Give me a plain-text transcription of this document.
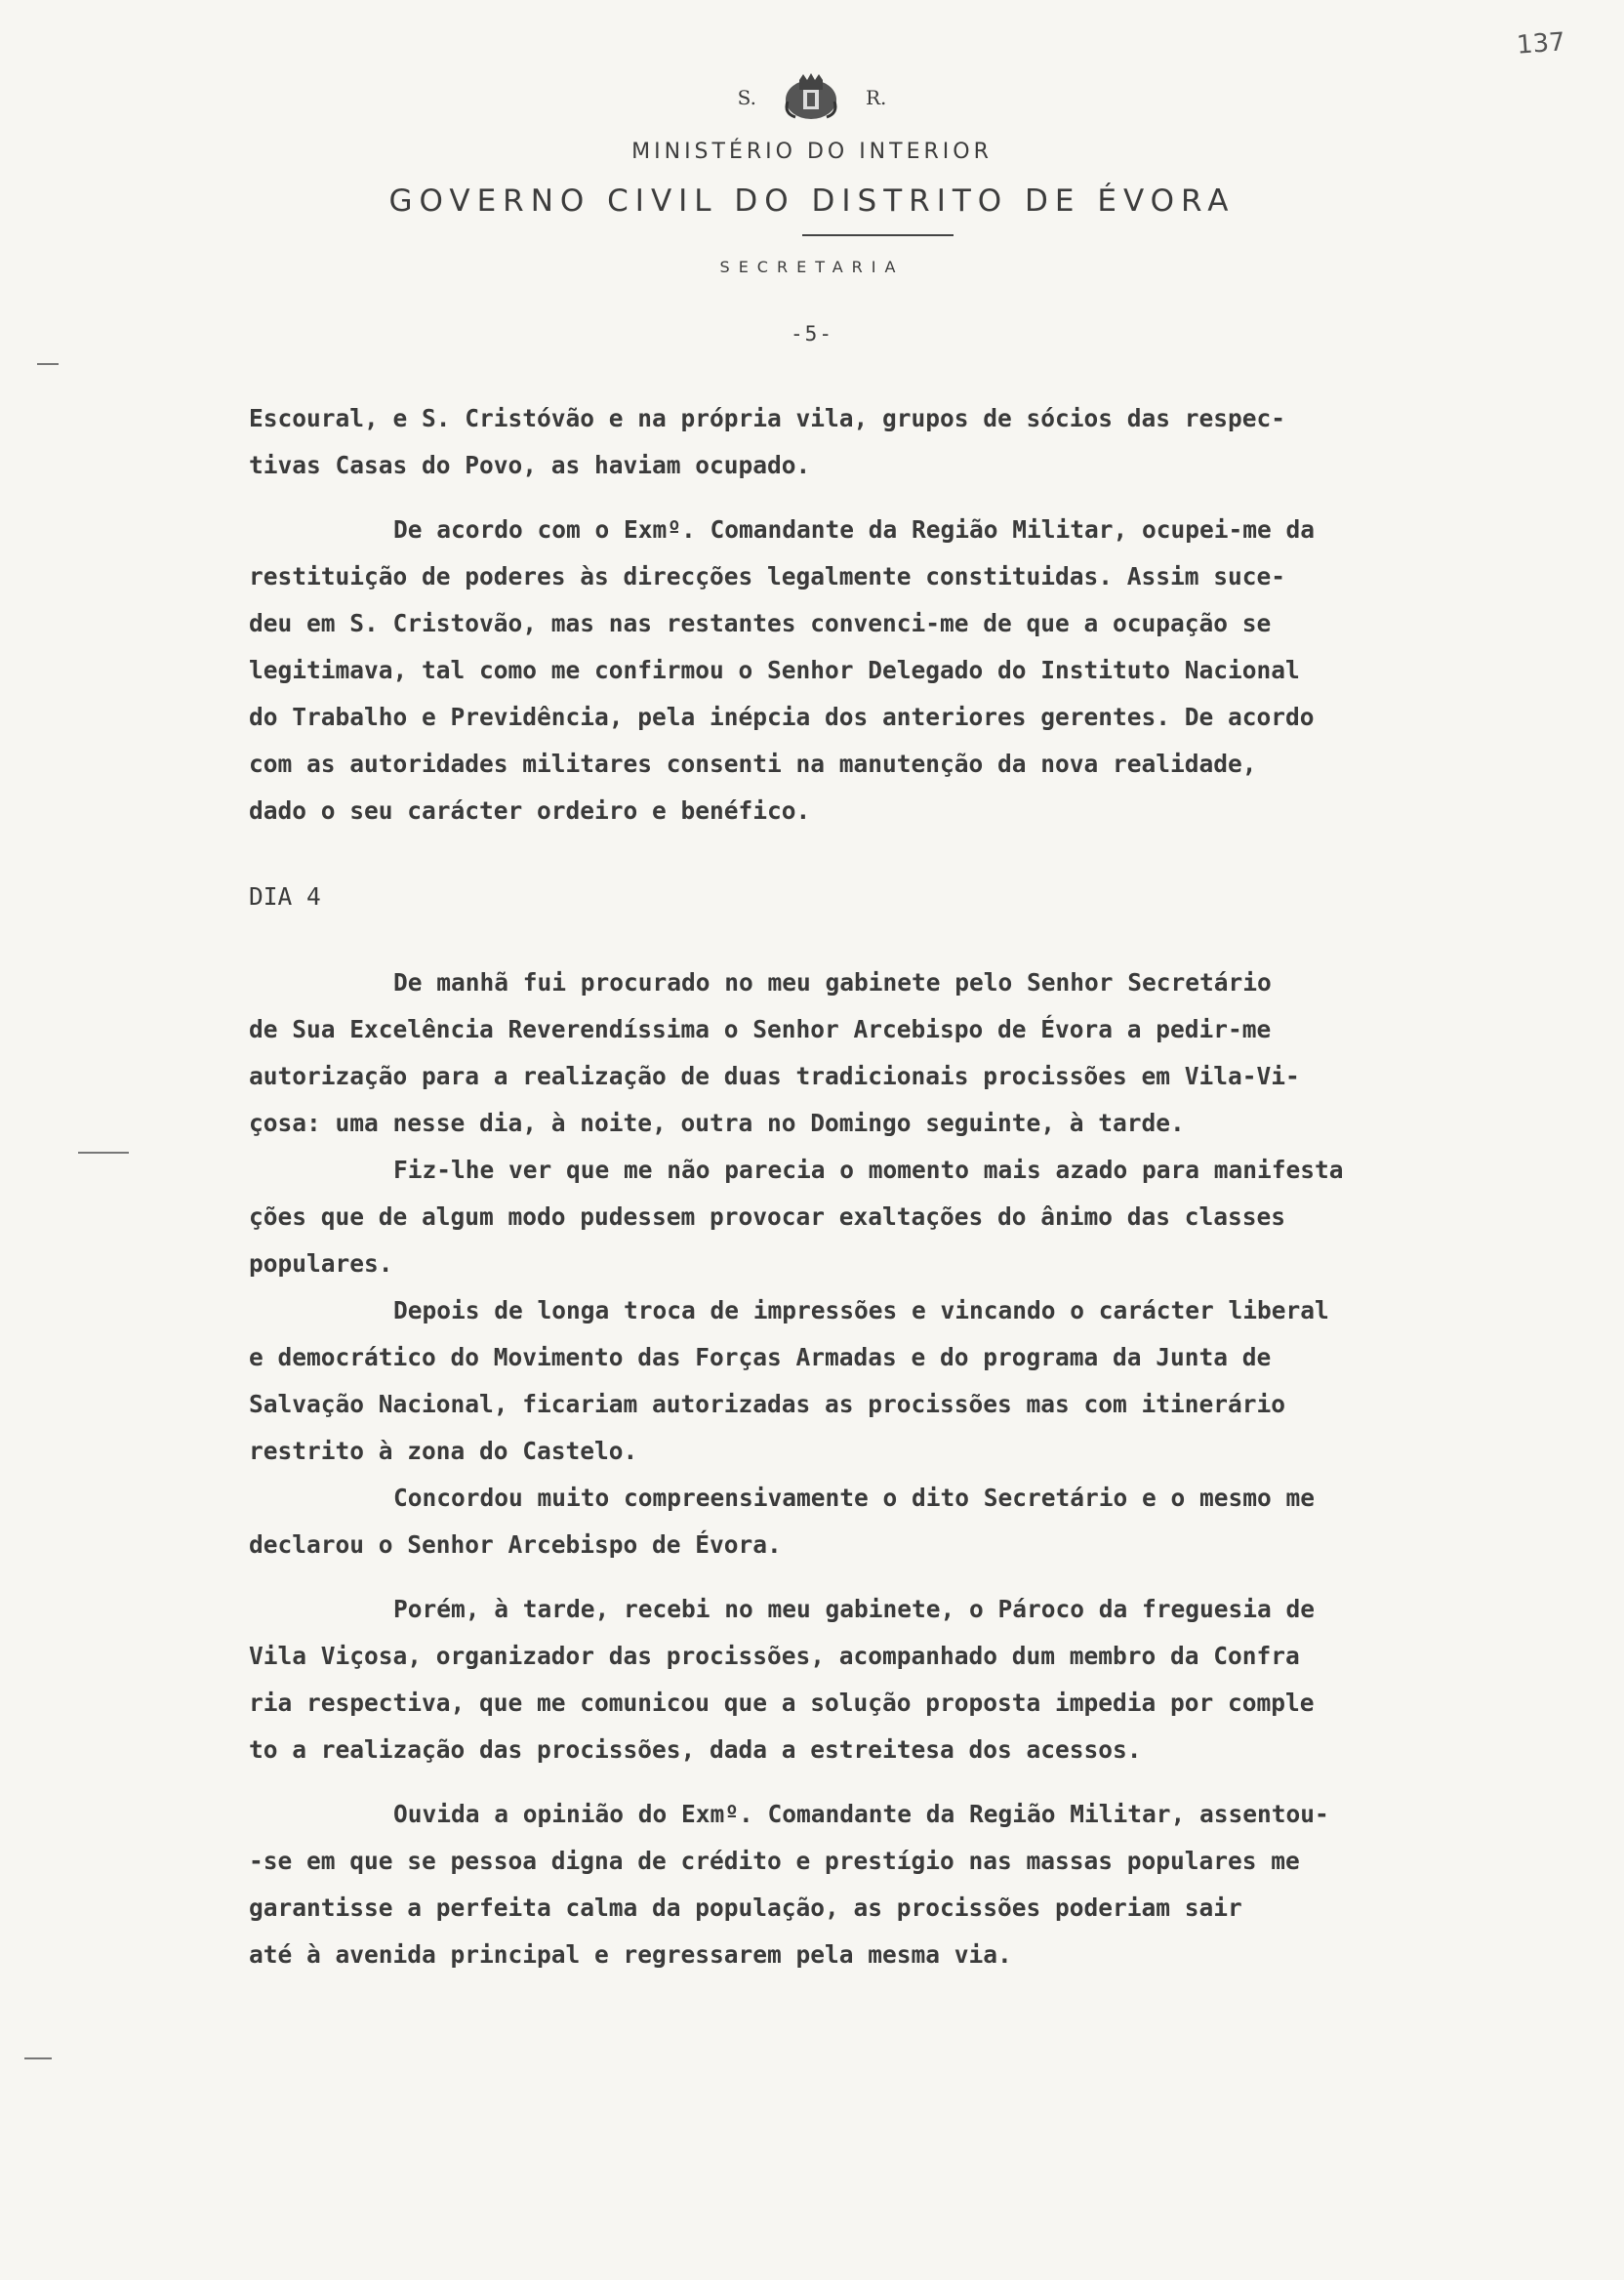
137
S.	R.
MINISTÉRIO DO INTERIOR
GOVERNO CIVIL DO DISTRITO DE ÉVORA
SECRETARIA
-5-

Escoural, e S. Cristóvão e na própria vila, grupos de sócios das respec-
tivas Casas do Povo, as haviam ocupado.

De acordo com o Exmº. Comandante da Região Militar, ocupei-me da
restituição de poderes às direcções legalmente constituidas. Assim suce-
deu em S. Cristovão, mas nas restantes convenci-me de que a ocupação se
legitimava, tal como me confirmou o Senhor Delegado do Instituto Nacional
do Trabalho e Previdência, pela inépcia dos anteriores gerentes. De acordo
com as autoridades militares consenti na manutenção da nova realidade,
dado o seu carácter ordeiro e benéfico.

DIA 4

De manhã fui procurado no meu gabinete pelo Senhor Secretário
de Sua Excelência Reverendíssima o Senhor Arcebispo de Évora a pedir-me
autorização para a realização de duas tradicionais procissões em Vila-Vi-
çosa: uma nesse dia, à noite, outra no Domingo seguinte, à tarde.

Fiz-lhe ver que me não parecia o momento mais azado para manifesta
ções que de algum modo pudessem provocar exaltações do ânimo das classes
populares.

Depois de longa troca de impressões e vincando o carácter liberal
e democrático do Movimento das Forças Armadas e do programa da Junta de
Salvação Nacional, ficariam autorizadas as procissões mas com itinerário
restrito à zona do Castelo.

Concordou muito compreensivamente o dito Secretário e o mesmo me
declarou o Senhor Arcebispo de Évora.

Porém, à tarde, recebi no meu gabinete, o Pároco da freguesia de
Vila Viçosa, organizador das procissões, acompanhado dum membro da Confra
ria respectiva, que me comunicou que a solução proposta impedia por comple
to a realização das procissões, dada a estreitesa dos acessos.

Ouvida a opinião do Exmº. Comandante da Região Militar, assentou-
-se em que se pessoa digna de crédito e prestígio nas massas populares me
garantisse a perfeita calma da população, as procissões poderiam sair
até à avenida principal e regressarem pela mesma via.
